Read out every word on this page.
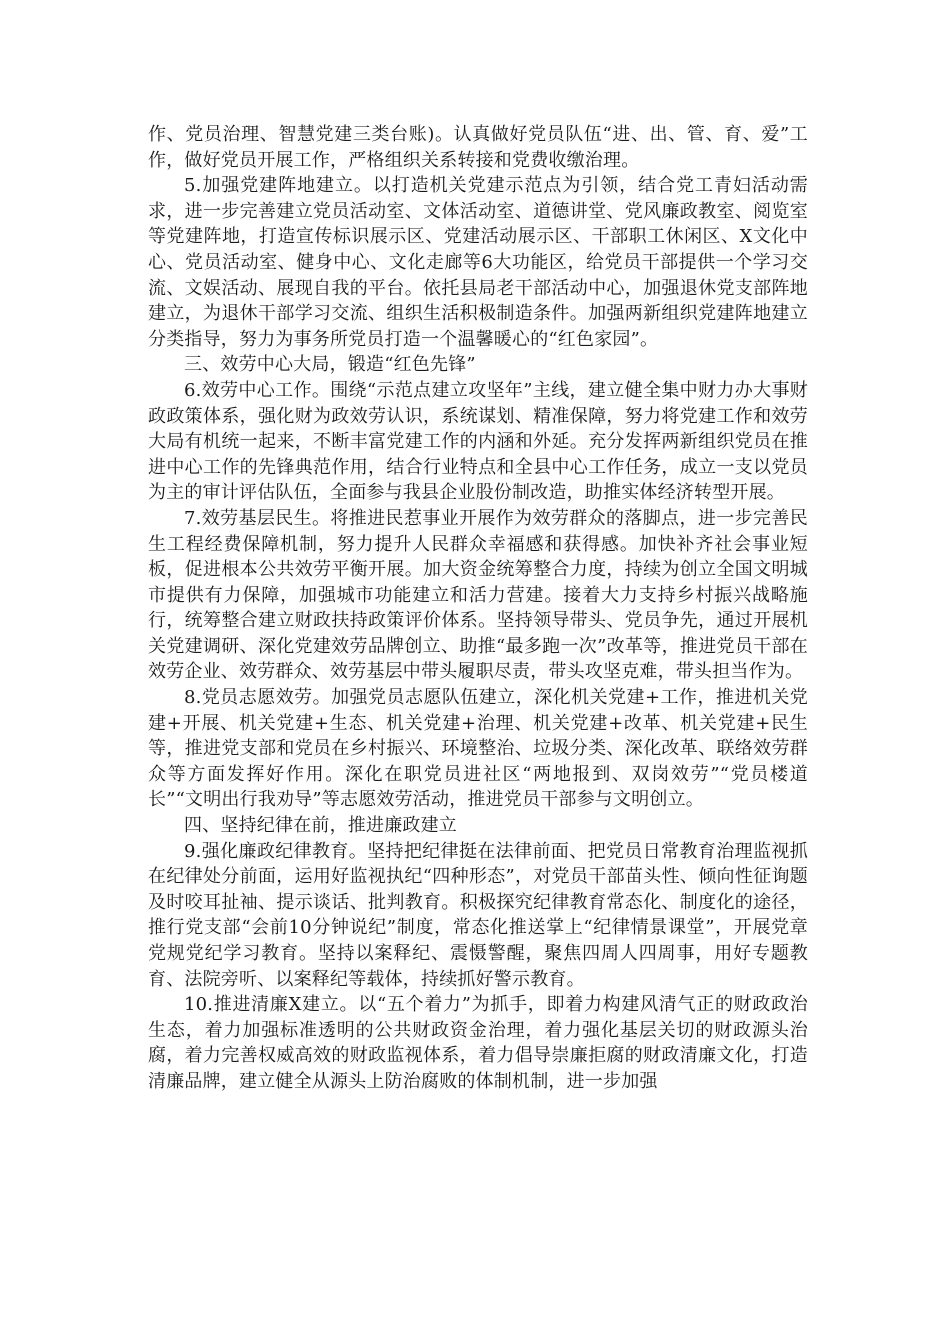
作、党员治理、智慧党建三类台账)。认真做好党员队伍“进、出、管、育、爱”工作，做好党员开展工作，严格组织关系转接和党费收缴治理。

5.加强党建阵地建立。以打造机关党建示范点为引领，结合党工青妇活动需求，进一步完善建立党员活动室、文体活动室、道德讲堂、党风廉政教室、阅览室等党建阵地，打造宣传标识展示区、党建活动展示区、干部职工休闲区、X文化中心、党员活动室、健身中心、文化走廊等6大功能区，给党员干部提供一个学习交流、文娱活动、展现自我的平台。依托县局老干部活动中心，加强退休党支部阵地建立，为退休干部学习交流、组织生活积极制造条件。加强两新组织党建阵地建立分类指导，努力为事务所党员打造一个温馨暖心的“红色家园”。

三、效劳中心大局，锻造“红色先锋”

6.效劳中心工作。围绕“示范点建立攻坚年”主线，建立健全集中财力办大事财政政策体系，强化财为政效劳认识，系统谋划、精准保障，努力将党建工作和效劳大局有机统一起来，不断丰富党建工作的内涵和外延。充分发挥两新组织党员在推进中心工作的先锋典范作用，结合行业特点和全县中心工作任务，成立一支以党员为主的审计评估队伍，全面参与我县企业股份制改造，助推实体经济转型开展。

7.效劳基层民生。将推进民惹事业开展作为效劳群众的落脚点，进一步完善民生工程经费保障机制，努力提升人民群众幸福感和获得感。加快补齐社会事业短板，促进根本公共效劳平衡开展。加大资金统筹整合力度，持续为创立全国文明城市提供有力保障，加强城市功能建立和活力营建。接着大力支持乡村振兴战略施行，统筹整合建立财政扶持政策评价体系。坚持领导带头、党员争先，通过开展机关党建调研、深化党建效劳品牌创立、助推“最多跑一次”改革等，推进党员干部在效劳企业、效劳群众、效劳基层中带头履职尽责，带头攻坚克难，带头担当作为。

8.党员志愿效劳。加强党员志愿队伍建立，深化机关党建+工作，推进机关党建+开展、机关党建+生态、机关党建+治理、机关党建+改革、机关党建+民生等，推进党支部和党员在乡村振兴、环境整治、垃圾分类、深化改革、联络效劳群众等方面发挥好作用。深化在职党员进社区“两地报到、双岗效劳”“党员楼道长”“文明出行我劝导”等志愿效劳活动，推进党员干部参与文明创立。

四、坚持纪律在前，推进廉政建立

9.强化廉政纪律教育。坚持把纪律挺在法律前面、把党员日常教育治理监视抓在纪律处分前面，运用好监视执纪“四种形态”，对党员干部苗头性、倾向性征询题及时咬耳扯袖、提示谈话、批判教育。积极探究纪律教育常态化、制度化的途径，推行党支部“会前10分钟说纪”制度，常态化推送掌上“纪律情景课堂”，开展党章党规党纪学习教育。坚持以案释纪、震慑警醒，聚焦四周人四周事，用好专题教育、法院旁听、以案释纪等载体，持续抓好警示教育。

10.推进清廉X建立。以“五个着力”为抓手，即着力构建风清气正的财政政治生态，着力加强标准透明的公共财政资金治理，着力强化基层关切的财政源头治腐，着力完善权威高效的财政监视体系，着力倡导崇廉拒腐的财政清廉文化，打造清廉品牌，建立健全从源头上防治腐败的体制机制，进一步加强
